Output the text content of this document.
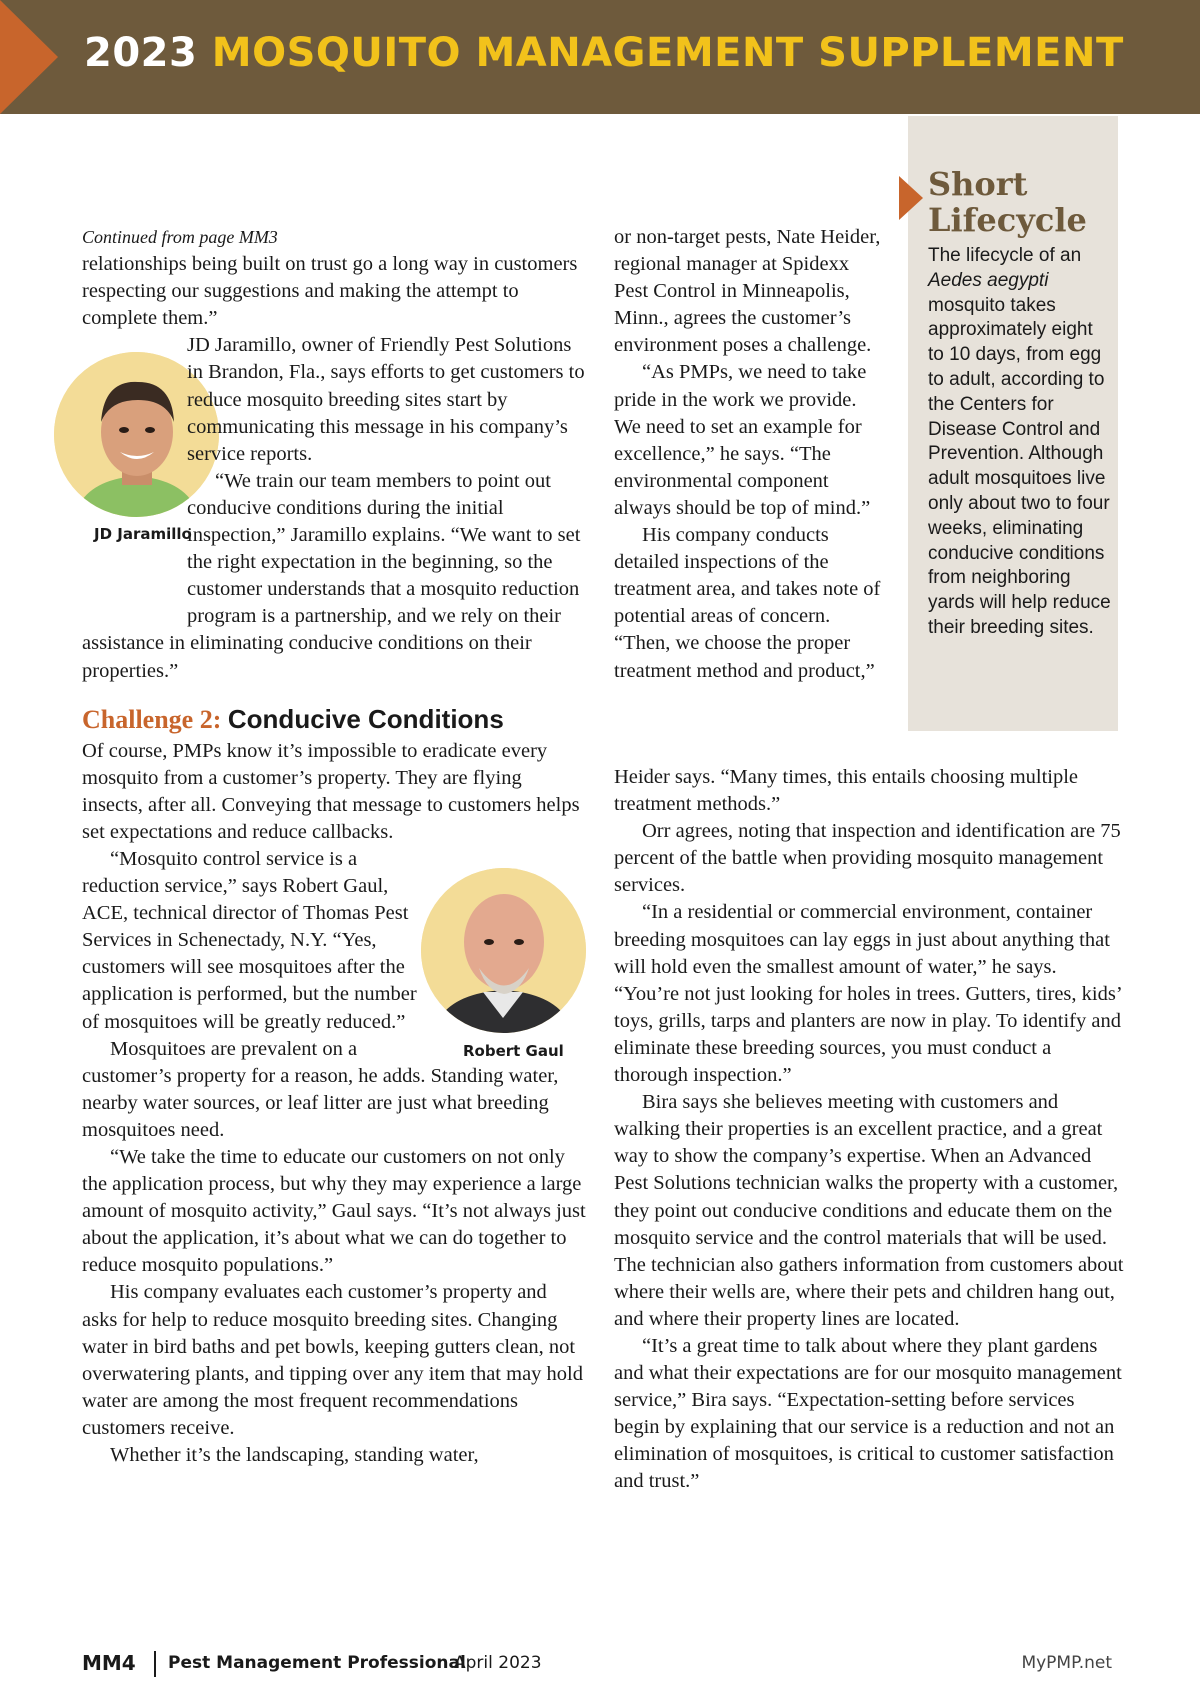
2023 MOSQUITO MANAGEMENT SUPPLEMENT
Short
Lifecycle
The lifecycle of an Aedes aegypti mosquito takes approximately eight to 10 days, from egg to adult, according to the Centers for Disease Control and Prevention. Although adult mosquitoes live only about two to four weeks, eliminating conducive conditions from neighboring yards will help reduce their breeding sites.
JD Jaramillo
Robert Gaul

Continued from page MM3

relationships being built on trust go a long way in customers respecting our suggestions and making the attempt to complete them.”

JD Jaramillo, owner of Friendly Pest Solutions in Brandon, Fla., says efforts to get customers to reduce mosquito breeding sites start by communicating this message in his company’s service reports.

“We train our team members to point out conducive conditions during the initial inspection,” Jaramillo explains. “We want to set the right expectation in the beginning, so the customer understands that a mosquito reduction program is a partnership, and we rely on their assistance in eliminating conducive conditions on their properties.”

Challenge 2: Conducive Conditions

Of course, PMPs know it’s impossible to eradicate every mosquito from a customer’s property. They are flying insects, after all. Conveying that message to customers helps set expectations and reduce callbacks.

“Mosquito control service is a reduction service,” says Robert Gaul, ACE, technical director of Thomas Pest Services in Schenectady, N.Y. “Yes, customers will see mosquitoes after the application is performed, but the number of mosquitoes will be greatly reduced.”

Mosquitoes are prevalent on a customer’s property for a reason, he adds. Standing water, nearby water sources, or leaf litter are just what breeding mosquitoes need.

“We take the time to educate our customers on not only the application process, but why they may experience a large amount of mosquito activity,” Gaul says. “It’s not always just about the application, it’s about what we can do together to reduce mosquito populations.”

His company evaluates each customer’s property and asks for help to reduce mosquito breeding sites. Changing water in bird baths and pet bowls, keeping gutters clean, not overwatering plants, and tipping over any item that may hold water are among the most frequent recommendations customers receive.

Whether it’s the landscaping, standing water,

or non-target pests, Nate Heider, regional manager at Spidexx Pest Control in Minneapolis, Minn., agrees the customer’s environment poses a challenge.

“As PMPs, we need to take pride in the work we provide. We need to set an example for excellence,” he says. “The environmental component always should be top of mind.”

His company conducts detailed inspections of the treatment area, and takes note of potential areas of concern. “Then, we choose the proper treatment method and product,”

Heider says. “Many times, this entails choosing multiple treatment methods.”

Orr agrees, noting that inspection and identification are 75 percent of the battle when providing mosquito management services.

“In a residential or commercial environment, container breeding mosquitoes can lay eggs in just about anything that will hold even the smallest amount of water,” he says. “You’re not just looking for holes in trees. Gutters, tires, kids’ toys, grills, tarps and planters are now in play. To identify and eliminate these breeding sources, you must conduct a thorough inspection.”

Bira says she believes meeting with customers and walking their properties is an excellent practice, and a great way to show the company’s expertise. When an Advanced Pest Solutions technician walks the property with a customer, they point out conducive conditions and educate them on the mosquito service and the control materials that will be used. The technician also gathers information from customers about where their wells are, where their pets and children hang out, and where their property lines are located.

“It’s a great time to talk about where they plant gardens and what their expectations are for our mosquito management service,” Bira says. “Expectation-setting before services begin by explaining that our service is a reduction and not an elimination of mosquitoes, is critical to customer satisfaction and trust.”

MM4 Pest Management Professional
April 2023	MyPMP.net
